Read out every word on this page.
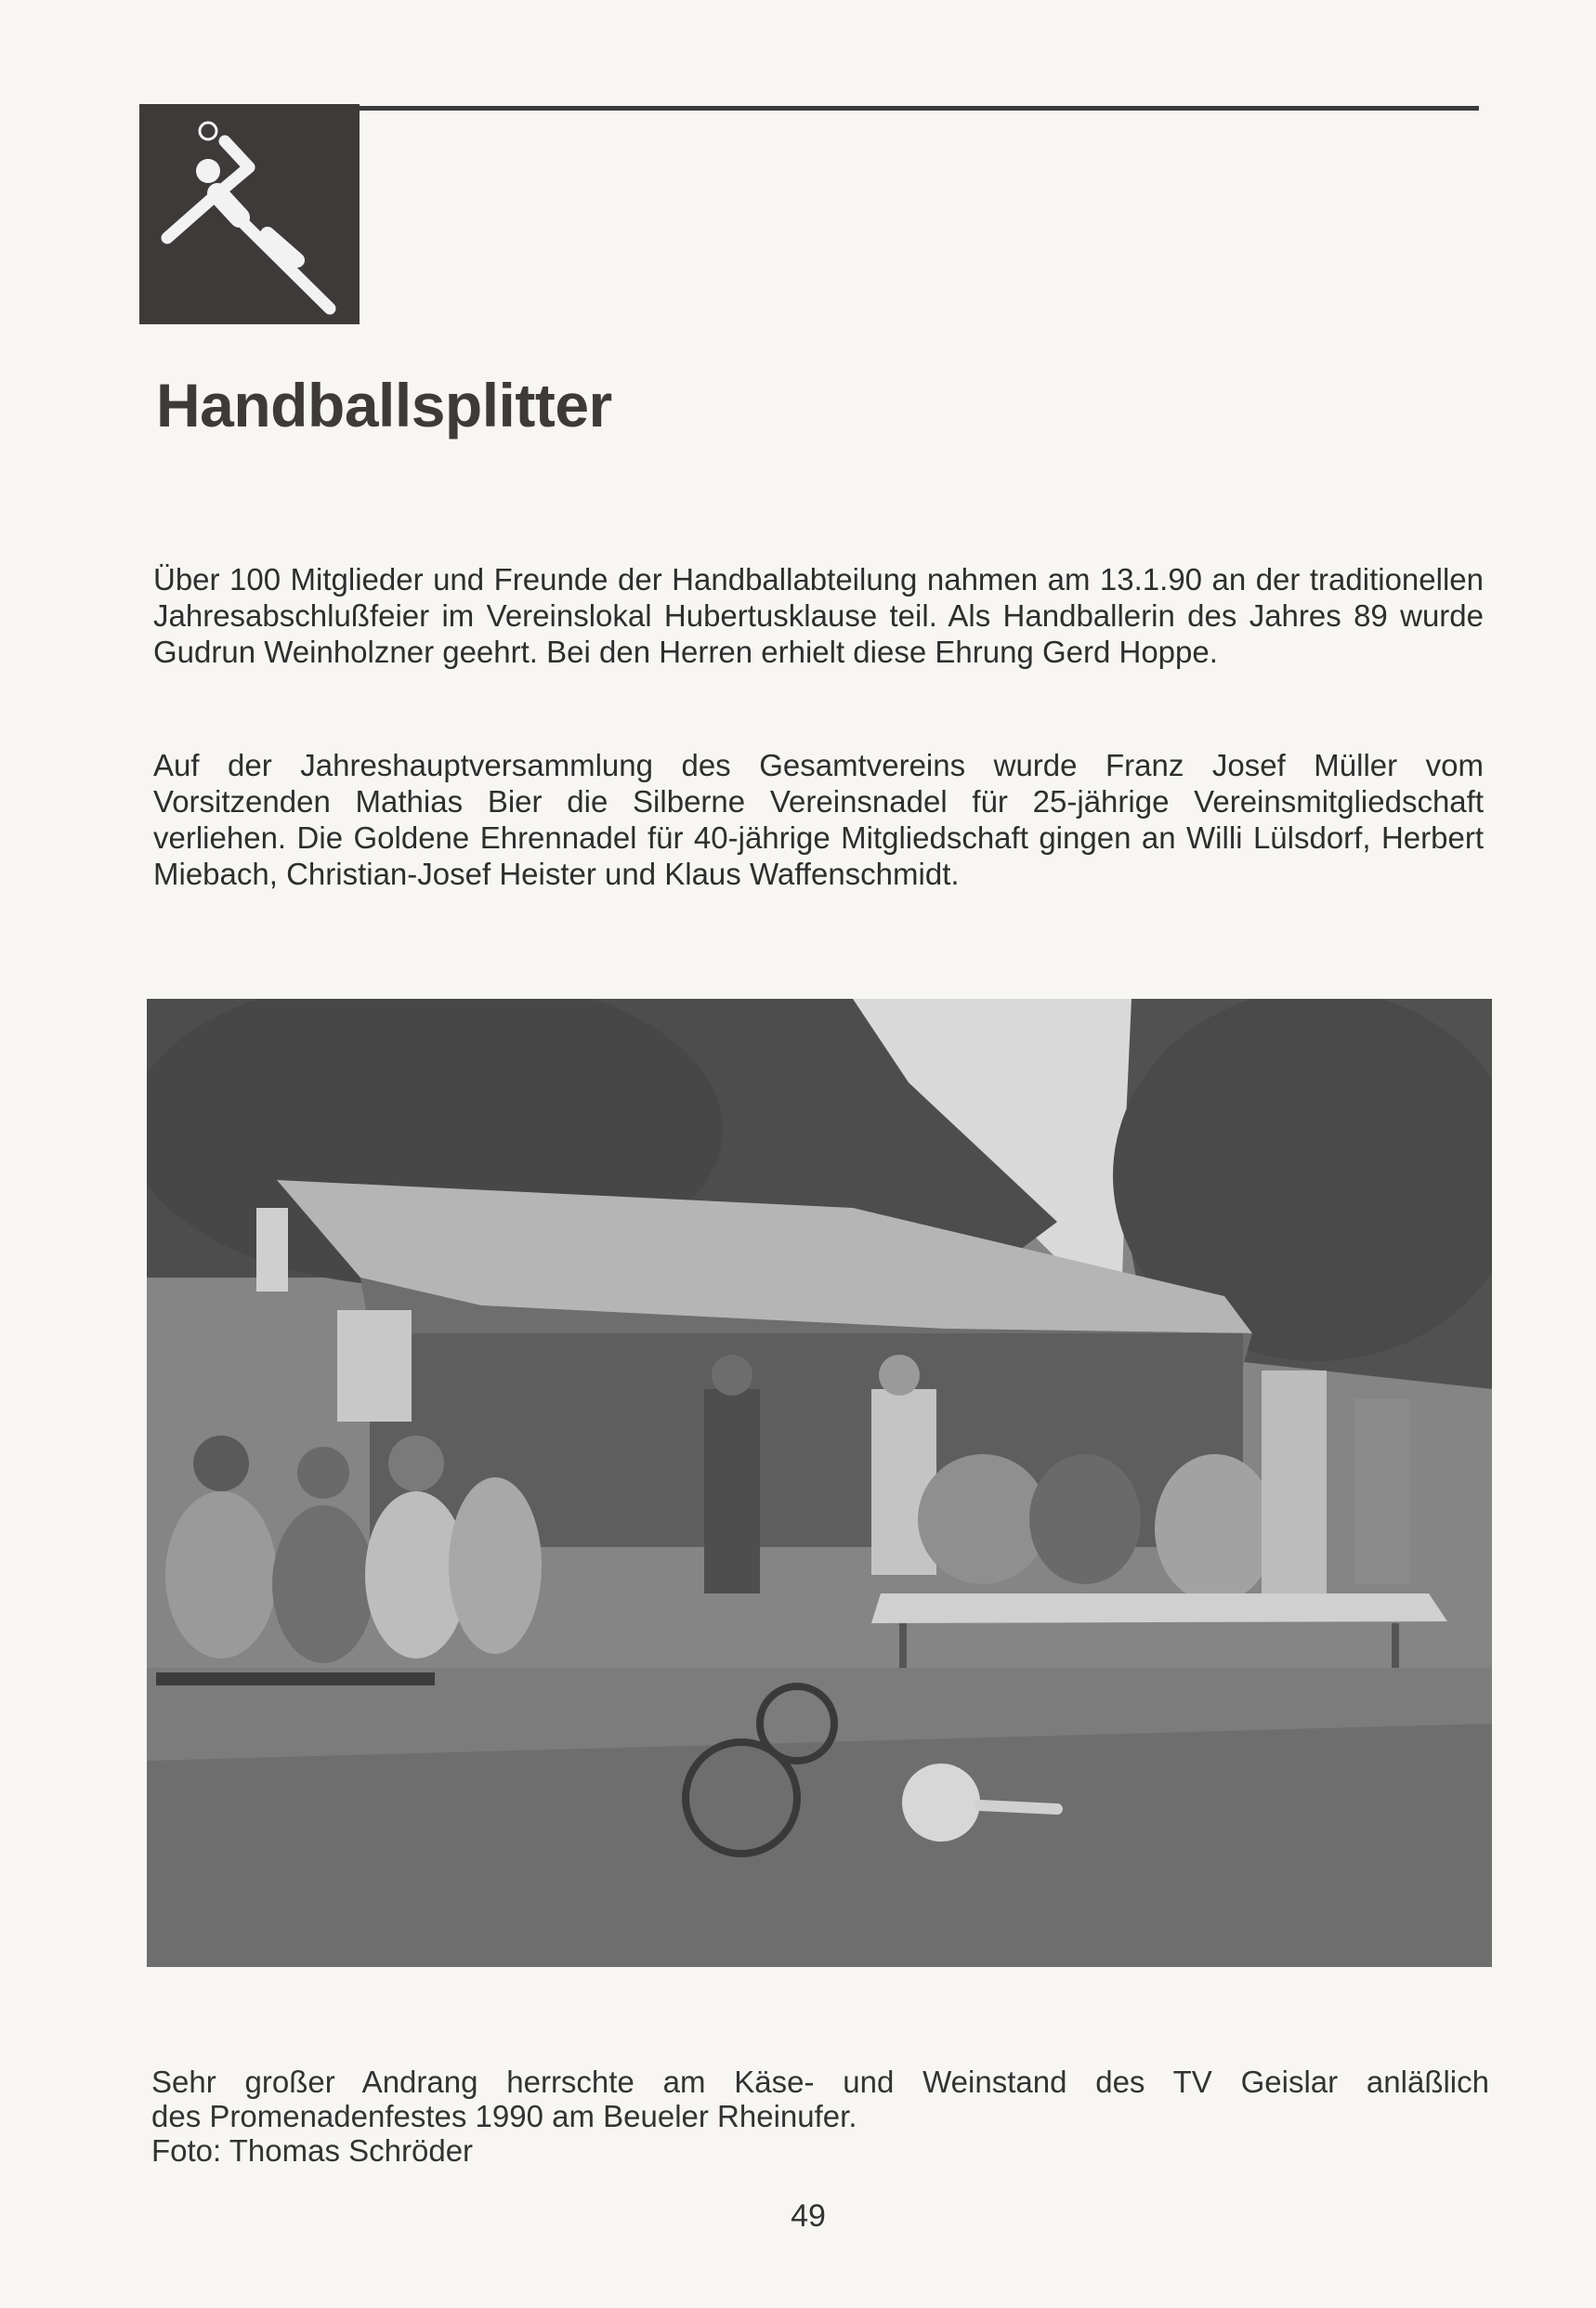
Handballsplitter

Über 100 Mitglieder und Freunde der Handballabteilung nahmen am 13.1.90 an der traditionellen Jahresabschlußfeier im Vereinslokal Hubertusklause teil. Als Handballerin des Jahres 89 wurde Gudrun Weinholzner geehrt. Bei den Herren erhielt diese Ehrung Gerd Hoppe.

Auf der Jahreshauptversammlung des Gesamtvereins wurde Franz Josef Müller vom Vorsitzenden Mathias Bier die Silberne Vereinsnadel für 25-jährige Vereinsmitgliedschaft verliehen. Die Goldene Ehrennadel für 40-jährige Mitgliedschaft gingen an Willi Lülsdorf, Herbert Miebach, Christian-Josef Heister und Klaus Waffenschmidt.

Sehr großer Andrang herrschte am Käse- und Weinstand des TV Geislar anläßlich

des Promenadenfestes 1990 am Beueler Rheinufer.

Foto: Thomas Schröder

49
